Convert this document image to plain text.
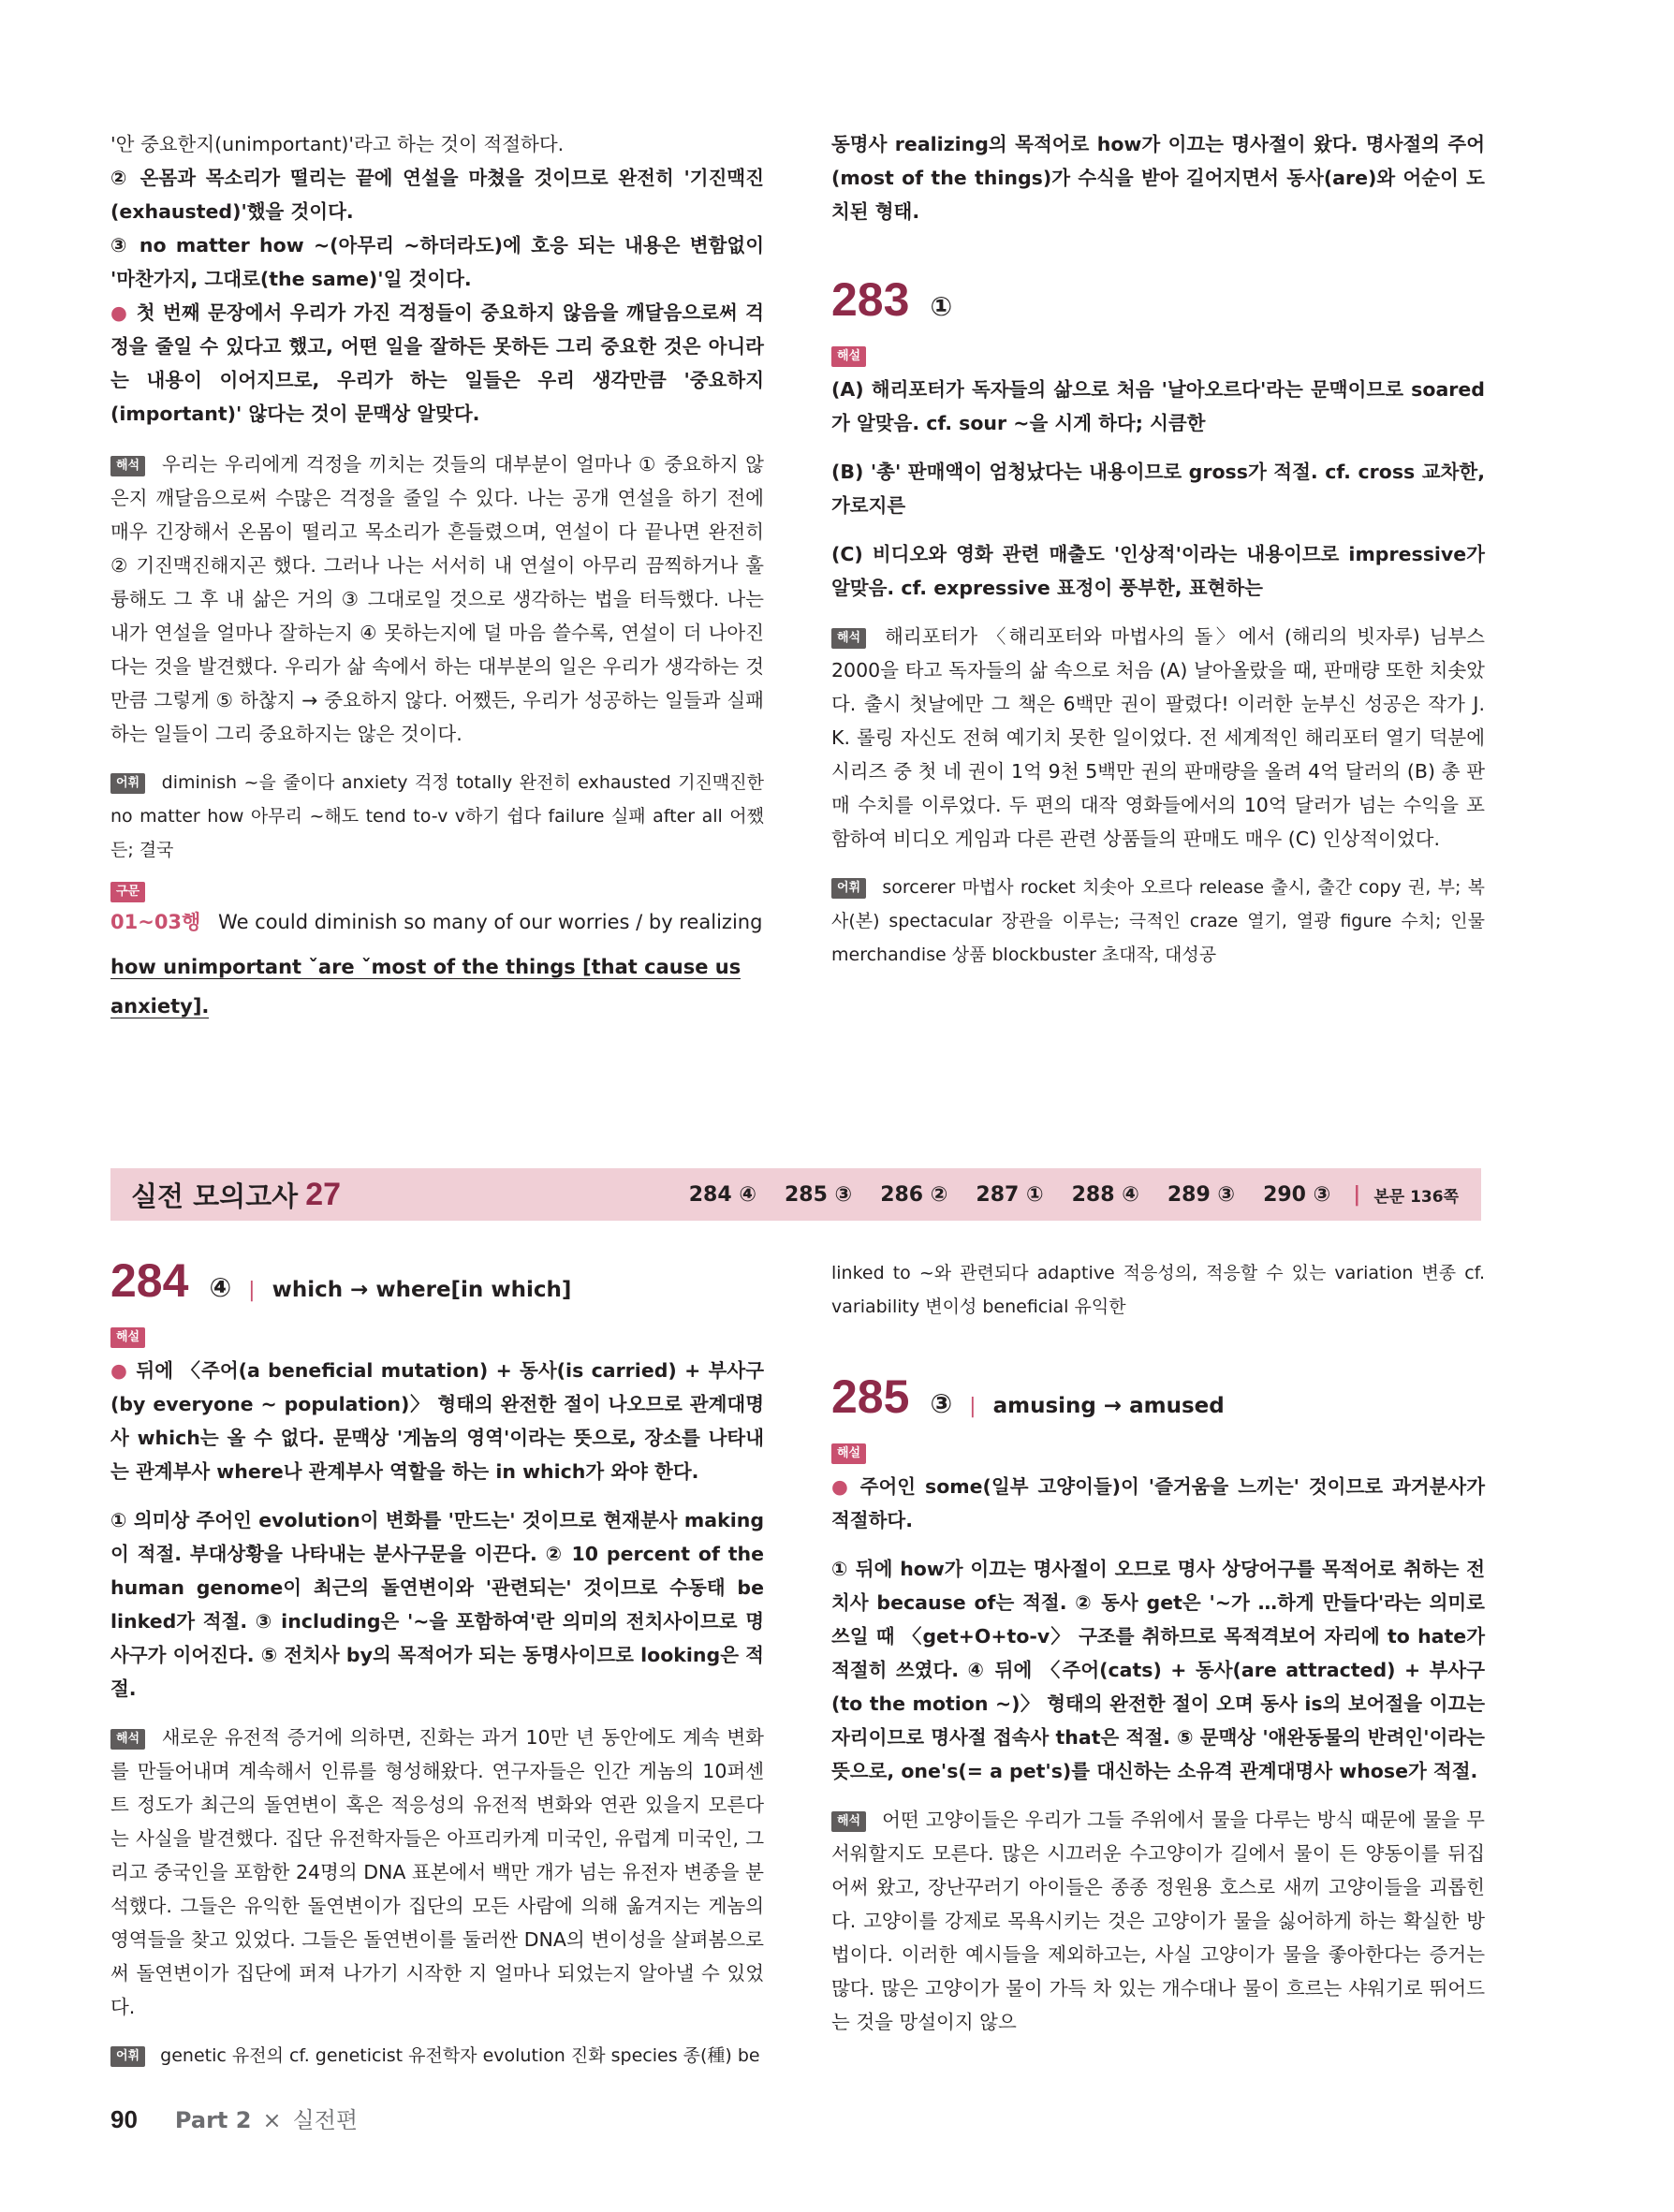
'안 중요한지(unimportant)'라고 하는 것이 적절하다.

② 온몸과 목소리가 떨리는 끝에 연설을 마쳤을 것이므로 완전히 '기진맥진(exhausted)'했을 것이다.

③ no matter how ~(아무리 ~하더라도)에 호응 되는 내용은 변함없이 '마찬가지, 그대로(the same)'일 것이다.

● 첫 번째 문장에서 우리가 가진 걱정들이 중요하지 않음을 깨달음으로써 걱정을 줄일 수 있다고 했고, 어떤 일을 잘하든 못하든 그리 중요한 것은 아니라는 내용이 이어지므로, 우리가 하는 일들은 우리 생각만큼 '중요하지(important)' 않다는 것이 문맥상 알맞다.

해석 우리는 우리에게 걱정을 끼치는 것들의 대부분이 얼마나 ① 중요하지 않은지 깨달음으로써 수많은 걱정을 줄일 수 있다. 나는 공개 연설을 하기 전에 매우 긴장해서 온몸이 떨리고 목소리가 흔들렸으며, 연설이 다 끝나면 완전히 ② 기진맥진해지곤 했다. 그러나 나는 서서히 내 연설이 아무리 끔찍하거나 훌륭해도 그 후 내 삶은 거의 ③ 그대로일 것으로 생각하는 법을 터득했다. 나는 내가 연설을 얼마나 잘하는지 ④ 못하는지에 덜 마음 쓸수록, 연설이 더 나아진다는 것을 발견했다. 우리가 삶 속에서 하는 대부분의 일은 우리가 생각하는 것만큼 그렇게 ⑤ 하찮지 → 중요하지 않다. 어쨌든, 우리가 성공하는 일들과 실패하는 일들이 그리 중요하지는 않은 것이다.

어휘 diminish ~을 줄이다 anxiety 걱정 totally 완전히 exhausted 기진맥진한 no matter how 아무리 ~해도 tend to-v v하기 쉽다 failure 실패 after all 어쨌든; 결국

구문
01~03행 We could diminish so many of our worries / by realizing
how unimportant ˇare ˇmost of the things [that cause us anxiety].

동명사 realizing의 목적어로 how가 이끄는 명사절이 왔다. 명사절의 주어(most of the things)가 수식을 받아 길어지면서 동사(are)와 어순이 도치된 형태.

283 ①
해설

(A) 해리포터가 독자들의 삶으로 처음 '날아오르다'라는 문맥이므로 soared가 알맞음. cf. sour ~을 시게 하다; 시큼한

(B) '총' 판매액이 엄청났다는 내용이므로 gross가 적절. cf. cross 교차한, 가로지른

(C) 비디오와 영화 관련 매출도 '인상적'이라는 내용이므로 impressive가 알맞음. cf. expressive 표정이 풍부한, 표현하는

해석 해리포터가 〈해리포터와 마법사의 돌〉에서 (해리의 빗자루) 님부스 2000을 타고 독자들의 삶 속으로 처음 (A) 날아올랐을 때, 판매량 또한 치솟았다. 출시 첫날에만 그 책은 6백만 권이 팔렸다! 이러한 눈부신 성공은 작가 J. K. 롤링 자신도 전혀 예기치 못한 일이었다. 전 세계적인 해리포터 열기 덕분에 시리즈 중 첫 네 권이 1억 9천 5백만 권의 판매량을 올려 4억 달러의 (B) 총 판매 수치를 이루었다. 두 편의 대작 영화들에서의 10억 달러가 넘는 수익을 포함하여 비디오 게임과 다른 관련 상품들의 판매도 매우 (C) 인상적이었다.

어휘 sorcerer 마법사 rocket 치솟아 오르다 release 출시, 출간 copy 권, 부; 복사(본) spectacular 장관을 이루는; 극적인 craze 열기, 열광 figure 수치; 인물 merchandise 상품 blockbuster 초대작, 대성공

실전 모의고사 27	284 ④ 285 ③ 286 ② 287 ① 288 ④ 289 ③ 290 ③ | 본문 136쪽
284 ④ | which → where[in which]
해설

● 뒤에 〈주어(a beneficial mutation) + 동사(is carried) + 부사구(by everyone ~ population)〉 형태의 완전한 절이 나오므로 관계대명사 which는 올 수 없다. 문맥상 '게놈의 영역'이라는 뜻으로, 장소를 나타내는 관계부사 where나 관계부사 역할을 하는 in which가 와야 한다.

① 의미상 주어인 evolution이 변화를 '만드는' 것이므로 현재분사 making이 적절. 부대상황을 나타내는 분사구문을 이끈다. ② 10 percent of the human genome이 최근의 돌연변이와 '관련되는' 것이므로 수동태 be linked가 적절. ③ including은 '~을 포함하여'란 의미의 전치사이므로 명사구가 이어진다. ⑤ 전치사 by의 목적어가 되는 동명사이므로 looking은 적절.

해석 새로운 유전적 증거에 의하면, 진화는 과거 10만 년 동안에도 계속 변화를 만들어내며 계속해서 인류를 형성해왔다. 연구자들은 인간 게놈의 10퍼센트 정도가 최근의 돌연변이 혹은 적응성의 유전적 변화와 연관 있을지 모른다는 사실을 발견했다. 집단 유전학자들은 아프리카계 미국인, 유럽계 미국인, 그리고 중국인을 포함한 24명의 DNA 표본에서 백만 개가 넘는 유전자 변종을 분석했다. 그들은 유익한 돌연변이가 집단의 모든 사람에 의해 옮겨지는 게놈의 영역들을 찾고 있었다. 그들은 돌연변이를 둘러싼 DNA의 변이성을 살펴봄으로써 돌연변이가 집단에 퍼져 나가기 시작한 지 얼마나 되었는지 알아낼 수 있었다.

어휘 genetic 유전의 cf. geneticist 유전학자 evolution 진화 species 종(種) be

linked to ~와 관련되다 adaptive 적응성의, 적응할 수 있는 variation 변종 cf. variability 변이성 beneficial 유익한

285 ③ | amusing → amused
해설

● 주어인 some(일부 고양이들)이 '즐거움을 느끼는' 것이므로 과거분사가 적절하다.

① 뒤에 how가 이끄는 명사절이 오므로 명사 상당어구를 목적어로 취하는 전치사 because of는 적절. ② 동사 get은 '~가 …하게 만들다'라는 의미로 쓰일 때 〈get+O+to-v〉 구조를 취하므로 목적격보어 자리에 to hate가 적절히 쓰였다. ④ 뒤에 〈주어(cats) + 동사(are attracted) + 부사구(to the motion ~)〉 형태의 완전한 절이 오며 동사 is의 보어절을 이끄는 자리이므로 명사절 접속사 that은 적절. ⑤ 문맥상 '애완동물의 반려인'이라는 뜻으로, one's(= a pet's)를 대신하는 소유격 관계대명사 whose가 적절.

해석 어떤 고양이들은 우리가 그들 주위에서 물을 다루는 방식 때문에 물을 무서워할지도 모른다. 많은 시끄러운 수고양이가 길에서 물이 든 양동이를 뒤집어써 왔고, 장난꾸러기 아이들은 종종 정원용 호스로 새끼 고양이들을 괴롭힌다. 고양이를 강제로 목욕시키는 것은 고양이가 물을 싫어하게 하는 확실한 방법이다. 이러한 예시들을 제외하고는, 사실 고양이가 물을 좋아한다는 증거는 많다. 많은 고양이가 물이 가득 차 있는 개수대나 물이 흐르는 샤워기로 뛰어드는 것을 망설이지 않으

90 Part 2 × 실전편
